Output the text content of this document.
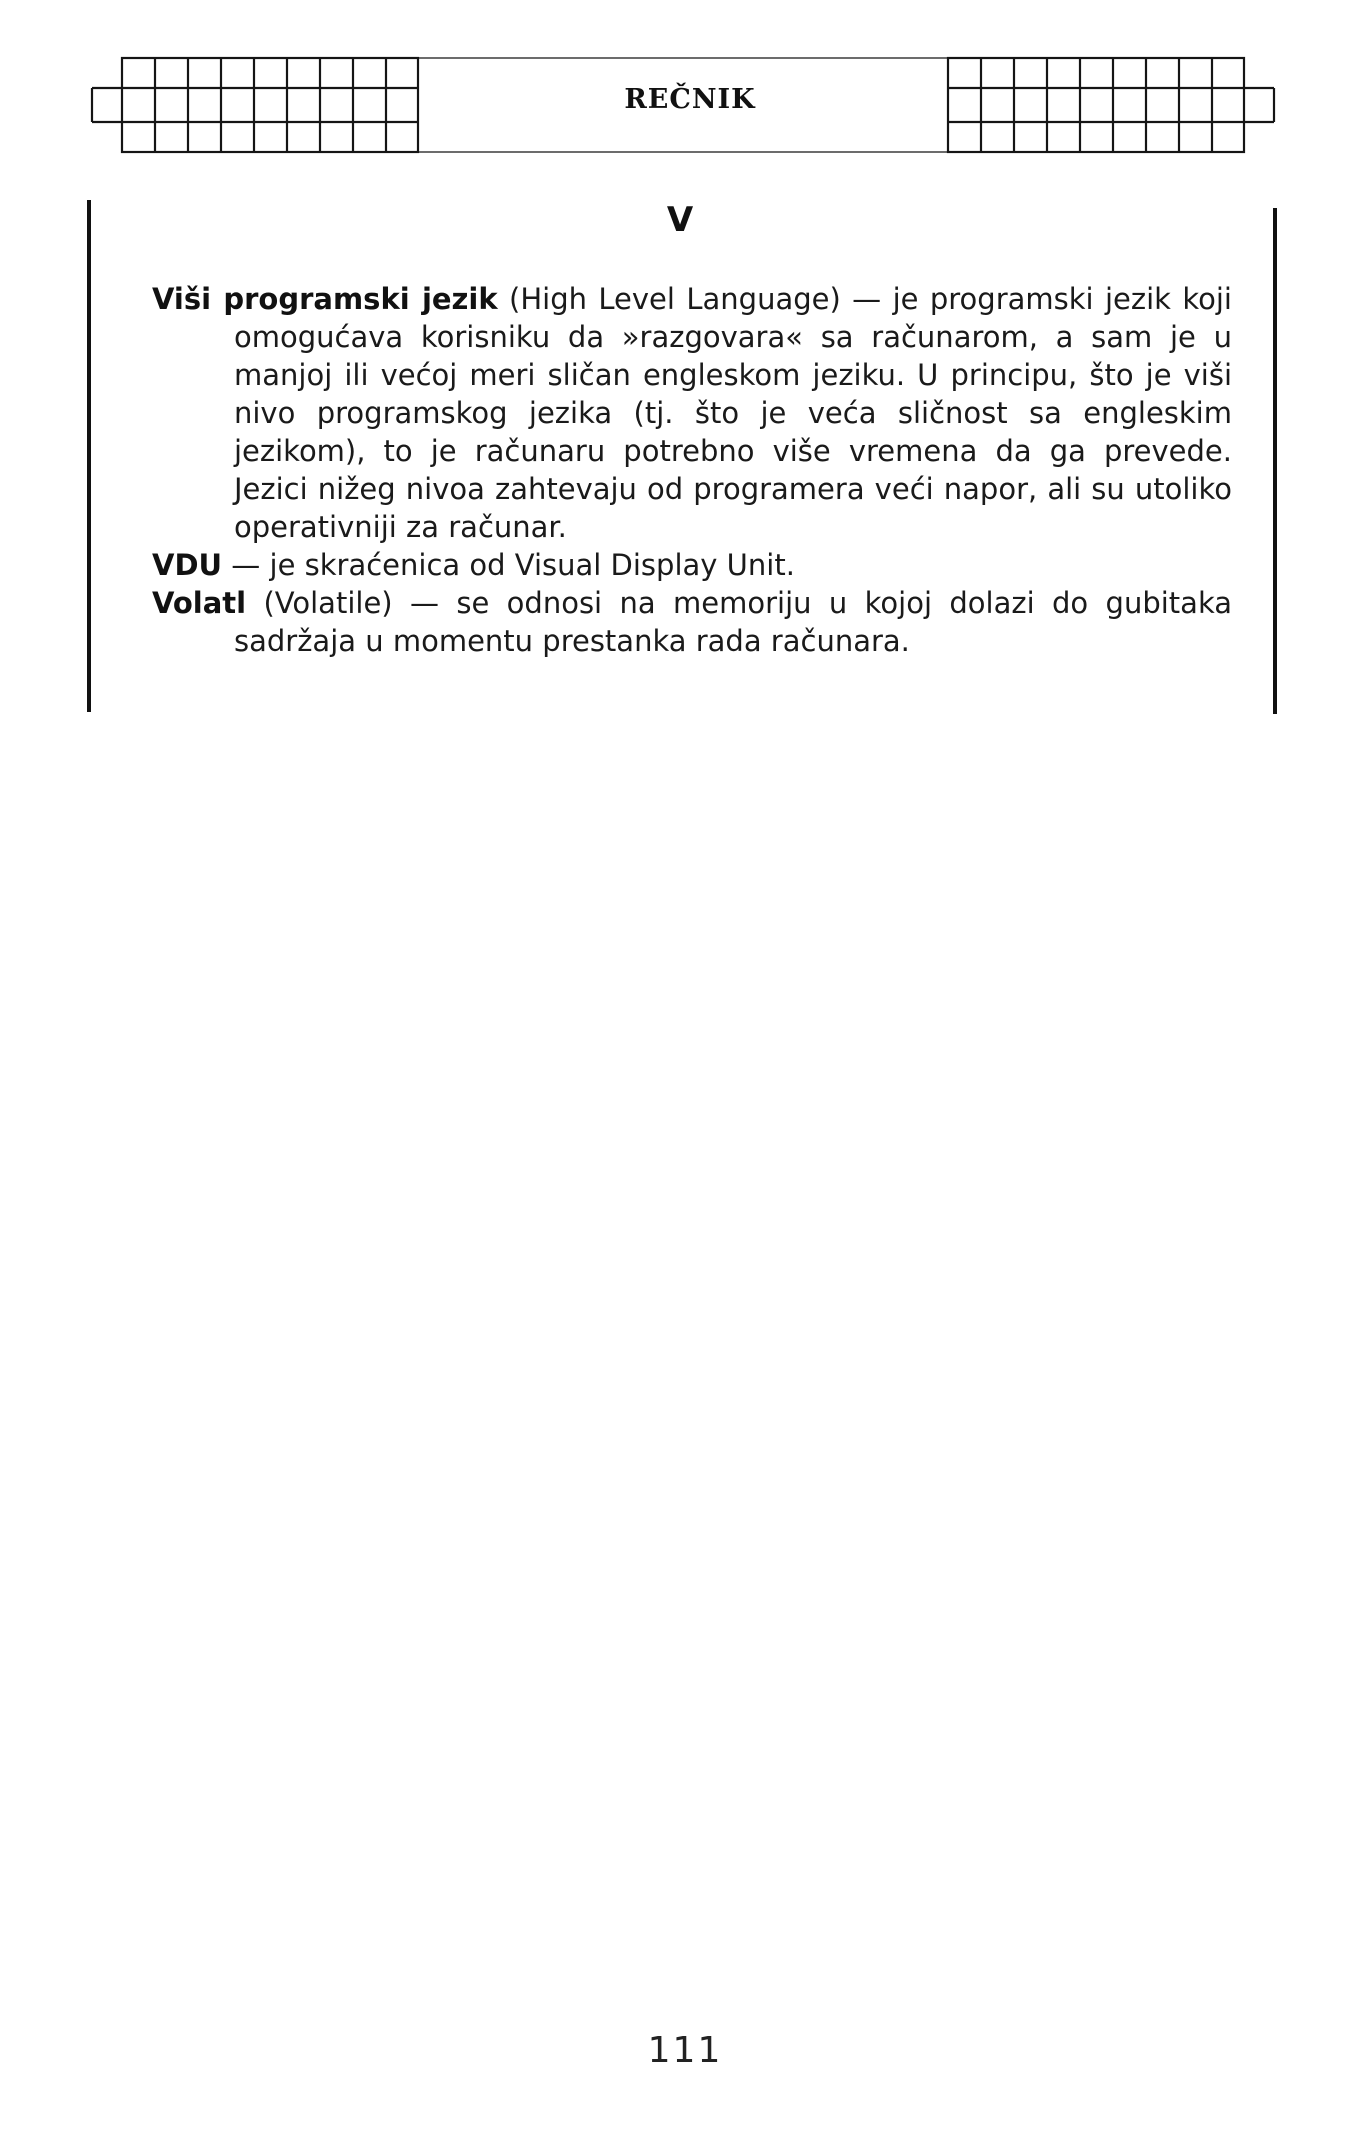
REČNIK
V

Viši programski jezik (High Level Language) — je programski jezik koji omogućava korisniku da »razgovara« sa računarom, a sam je u manjoj ili većoj meri sličan engleskom jeziku. U principu, što je viši nivo programskog jezika (tj. što je veća sličnost sa engleskim jezikom), to je računaru potrebno više vremena da ga prevede. Jezici nižeg nivoa zahtevaju od programera veći napor, ali su utoliko operativniji za računar.

VDU — je skraćenica od Visual Display Unit.

Volatl (Volatile) — se odnosi na memoriju u kojoj dolazi do gubitaka sadržaja u momentu prestanka rada računara.

111
